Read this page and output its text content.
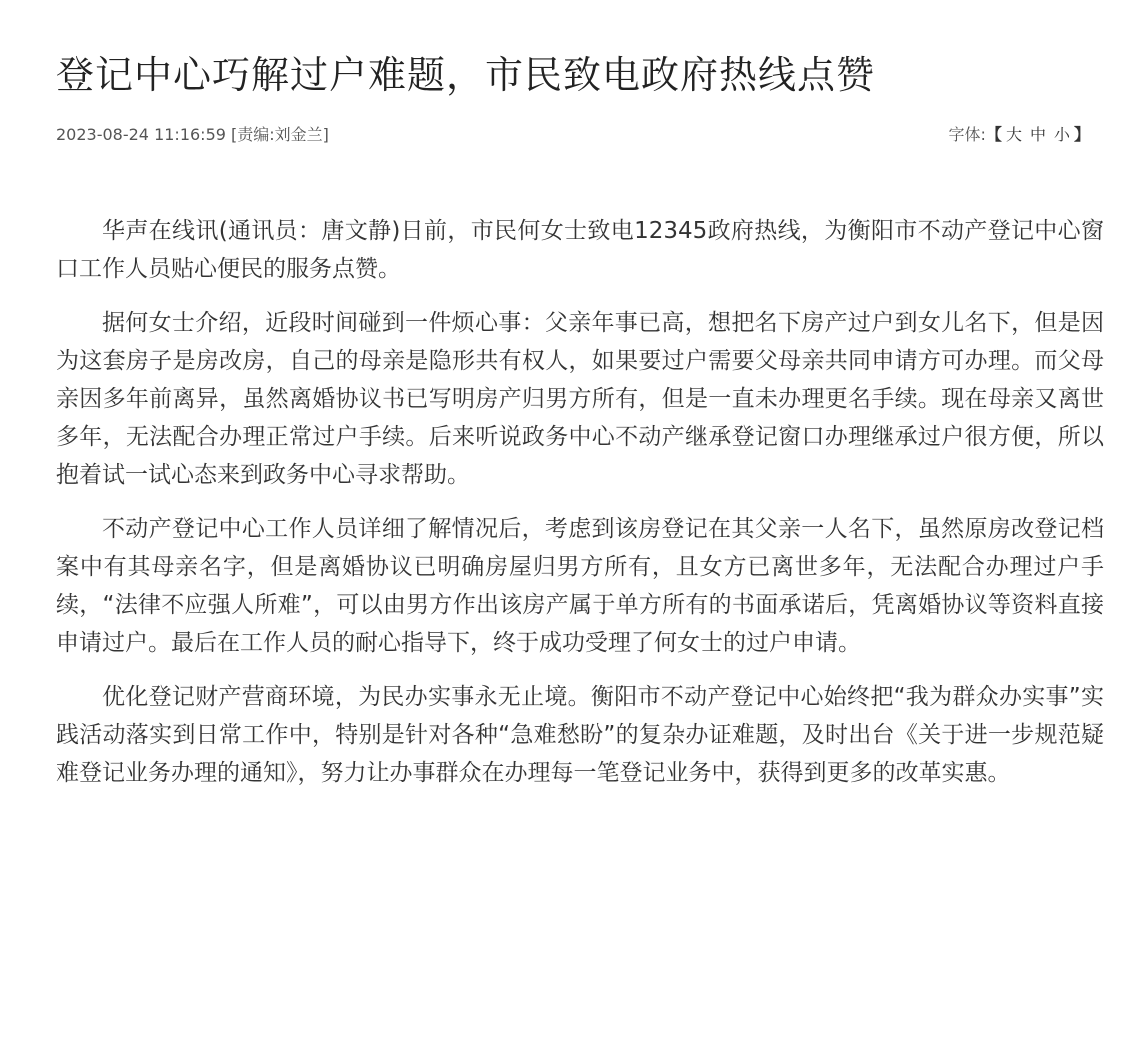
登记中心巧解过户难题，市民致电政府热线点赞
2023-08-24 11:16:59 [责编:刘金兰]	字体:【 大 中 小 】

华声在线讯(通讯员：唐文静)日前，市民何女士致电12345政府热线，为衡阳市不动产登记中心窗口工作人员贴心便民的服务点赞。

据何女士介绍，近段时间碰到一件烦心事：父亲年事已高，想把名下房产过户到女儿名下，但是因为这套房子是房改房，自己的母亲是隐形共有权人，如果要过户需要父母亲共同申请方可办理。而父母亲因多年前离异，虽然离婚协议书已写明房产归男方所有，但是一直未办理更名手续。现在母亲又离世多年，无法配合办理正常过户手续。后来听说政务中心不动产继承登记窗口办理继承过户很方便，所以抱着试一试心态来到政务中心寻求帮助。

不动产登记中心工作人员详细了解情况后，考虑到该房登记在其父亲一人名下，虽然原房改登记档案中有其母亲名字，但是离婚协议已明确房屋归男方所有，且女方已离世多年，无法配合办理过户手续，“法律不应强人所难”，可以由男方作出该房产属于单方所有的书面承诺后，凭离婚协议等资料直接申请过户。最后在工作人员的耐心指导下，终于成功受理了何女士的过户申请。

优化登记财产营商环境，为民办实事永无止境。衡阳市不动产登记中心始终把“我为群众办实事”实践活动落实到日常工作中，特别是针对各种“急难愁盼”的复杂办证难题，及时出台《关于进一步规范疑难登记业务办理的通知》，努力让办事群众在办理每一笔登记业务中，获得到更多的改革实惠。
